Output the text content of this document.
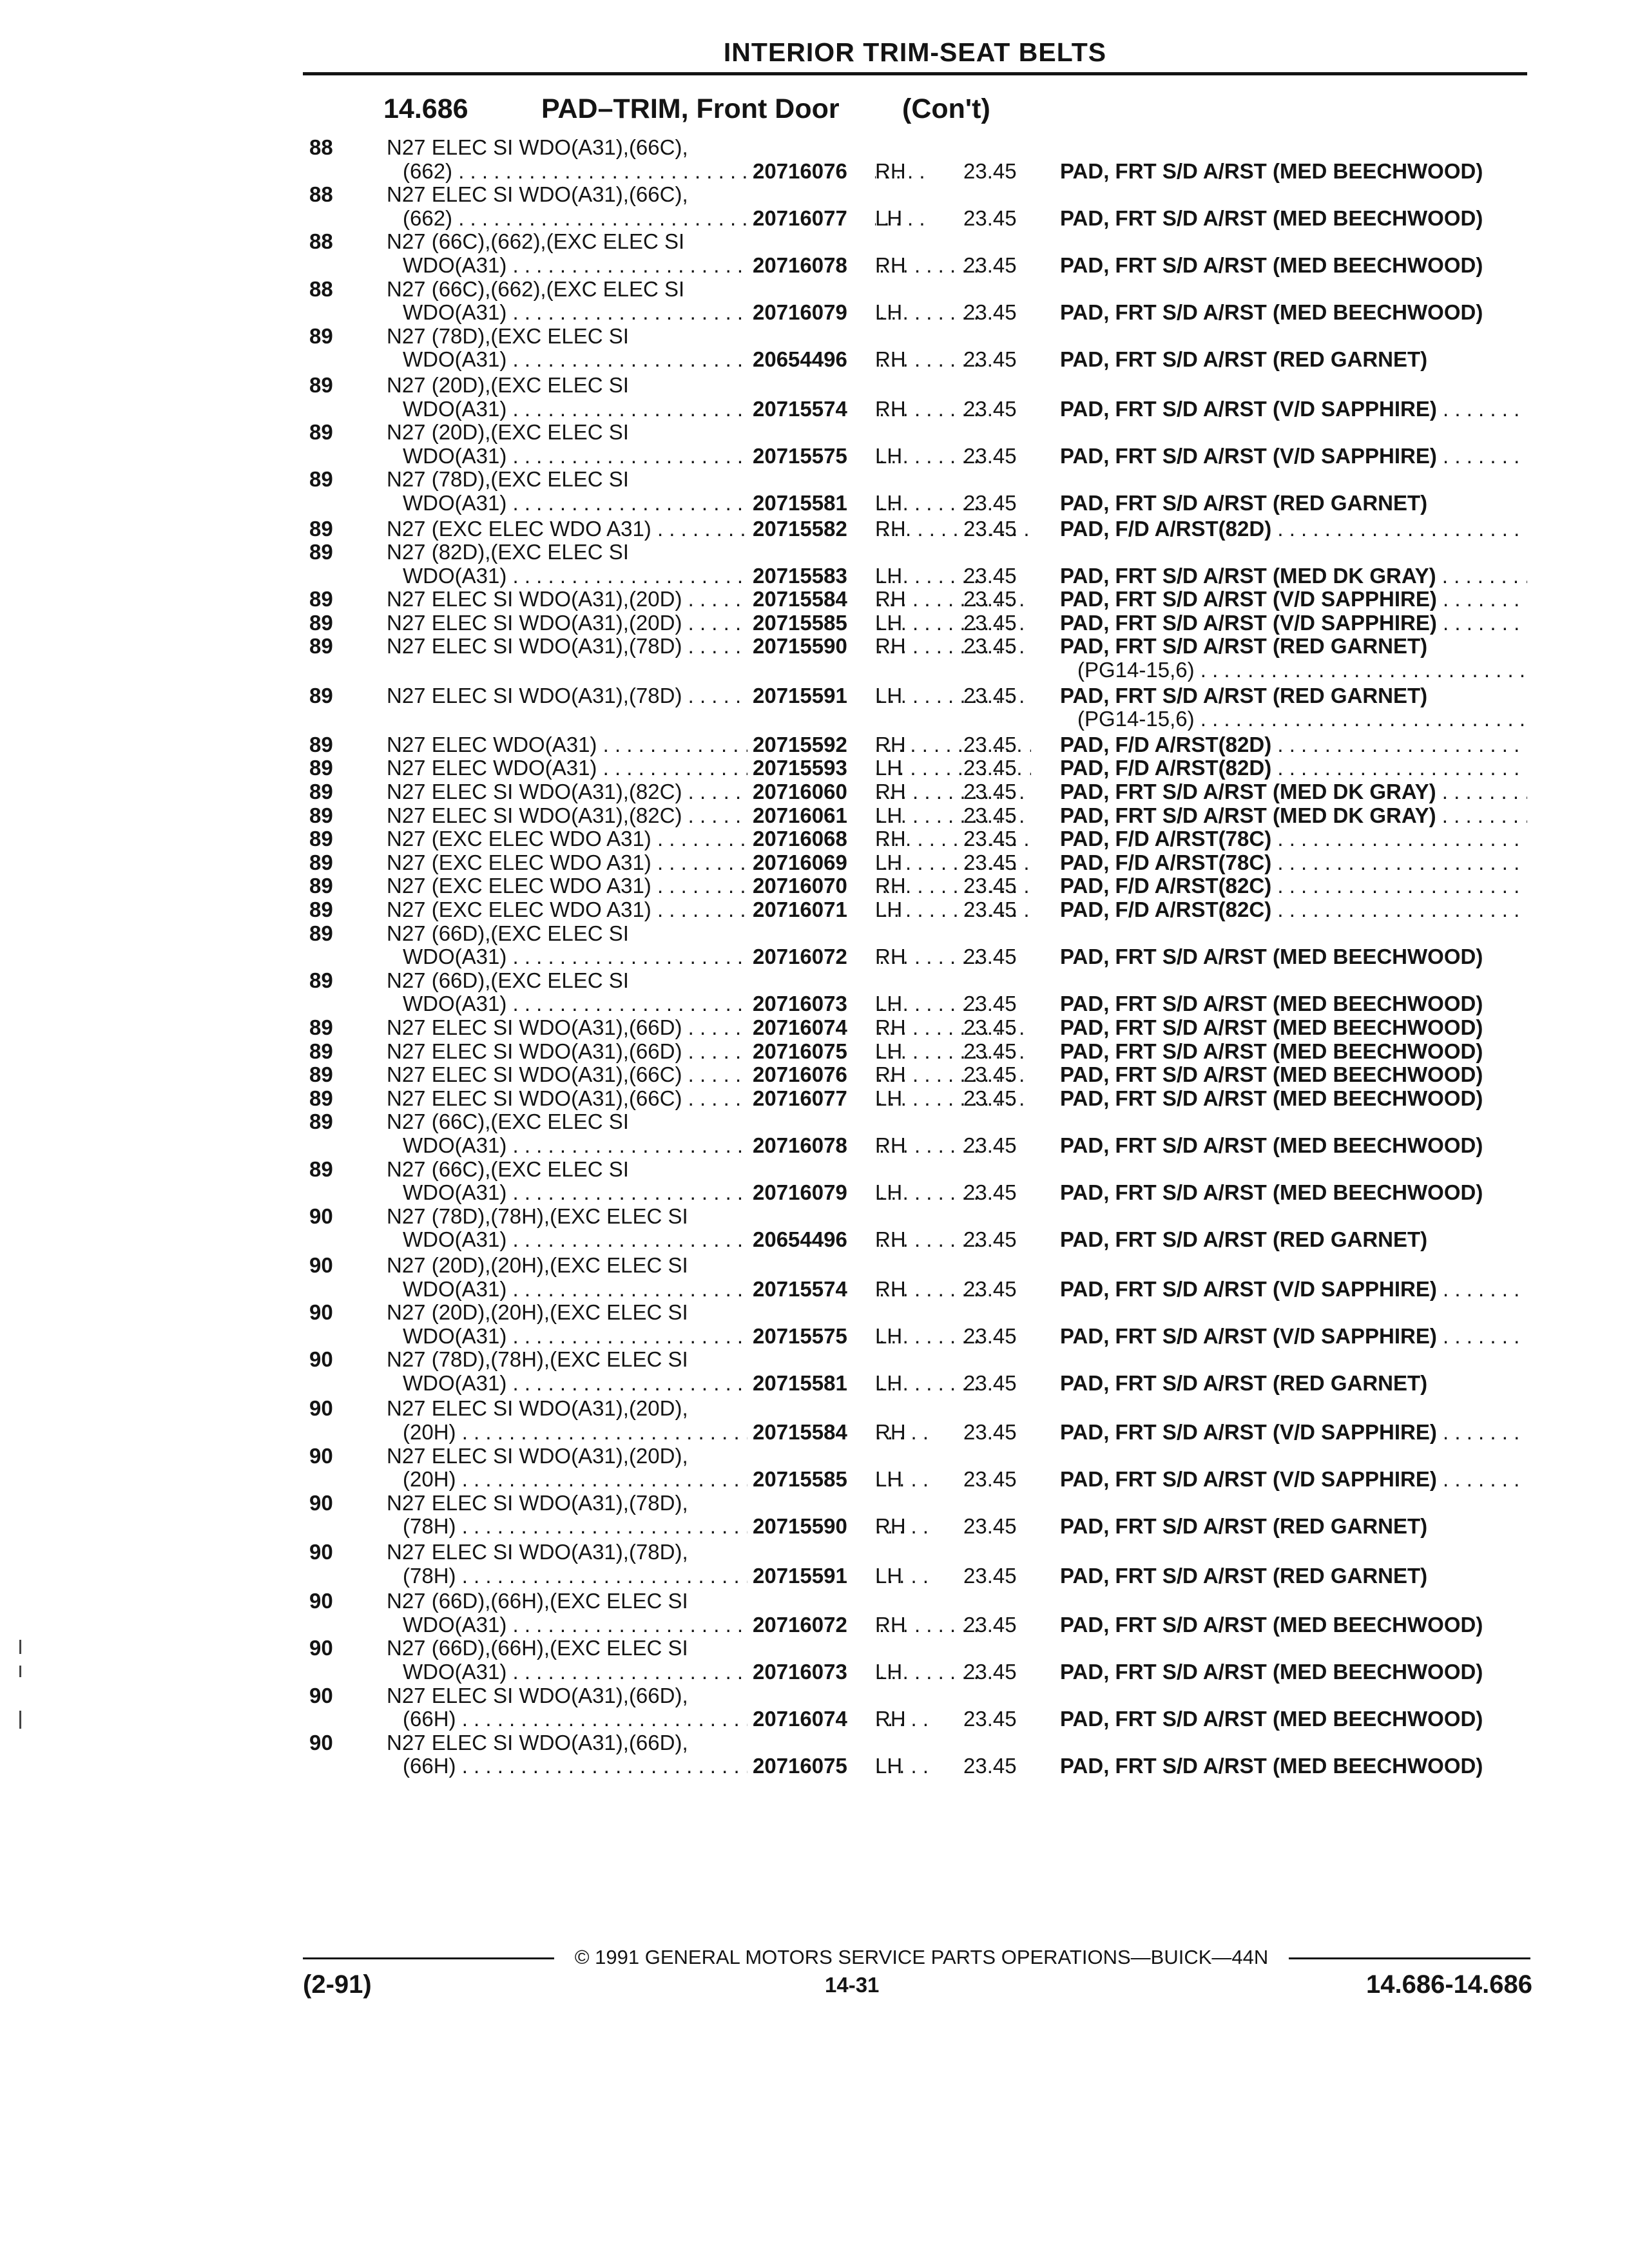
INTERIOR TRIM-SEAT BELTS
14.686	PAD–TRIM, Front Door	(Con't)
88	N27 ELEC SI WDO(A31),(66C),
(662) . . .	20716076	RH	23.45	PAD, FRT S/D A/RST (MED BEECHWOOD)
88	N27 ELEC SI WDO(A31),(66C),
(662) . . .	20716077	LH	23.45	PAD, FRT S/D A/RST (MED BEECHWOOD)
88	N27 (66C),(662),(EXC ELEC SI
WDO(A31) . . .	20716078	RH	23.45	PAD, FRT S/D A/RST (MED BEECHWOOD)
88	N27 (66C),(662),(EXC ELEC SI
WDO(A31) . . .	20716079	LH	23.45	PAD, FRT S/D A/RST (MED BEECHWOOD)
89	N27 (78D),(EXC ELEC SI
WDO(A31) . . .	20654496	RH	23.45	PAD, FRT S/D A/RST (RED GARNET)
89	N27 (20D),(EXC ELEC SI
WDO(A31) . . .	20715574	RH	23.45	PAD, FRT S/D A/RST (V/D SAPPHIRE) . . .
89	N27 (20D),(EXC ELEC SI
WDO(A31) . . .	20715575	LH	23.45	PAD, FRT S/D A/RST (V/D SAPPHIRE) . . .
89	N27 (78D),(EXC ELEC SI
WDO(A31) . . .	20715581	LH	23.45	PAD, FRT S/D A/RST (RED GARNET)
89	N27 (EXC ELEC WDO A31) . . .	20715582	RH	23.45	PAD, F/D A/RST(82D) . . .
89	N27 (82D),(EXC ELEC SI
WDO(A31) . . .	20715583	LH	23.45	PAD, FRT S/D A/RST (MED DK GRAY) . . .
89	N27 ELEC SI WDO(A31),(20D) . . .	20715584	RH	23.45	PAD, FRT S/D A/RST (V/D SAPPHIRE) . . .
89	N27 ELEC SI WDO(A31),(20D) . . .	20715585	LH	23.45	PAD, FRT S/D A/RST (V/D SAPPHIRE) . . .
89	N27 ELEC SI WDO(A31),(78D) . . .	20715590	RH	23.45	PAD, FRT S/D A/RST (RED GARNET)
(PG14-15,6) . . .
89	N27 ELEC SI WDO(A31),(78D) . . .	20715591	LH	23.45	PAD, FRT S/D A/RST (RED GARNET)
(PG14-15,6) . . .
89	N27 ELEC WDO(A31) . . .	20715592	RH	23.45	PAD, F/D A/RST(82D) . . .
89	N27 ELEC WDO(A31) . . .	20715593	LH	23.45	PAD, F/D A/RST(82D) . . .
89	N27 ELEC SI WDO(A31),(82C) . . .	20716060	RH	23.45	PAD, FRT S/D A/RST (MED DK GRAY) . . .
89	N27 ELEC SI WDO(A31),(82C) . . .	20716061	LH	23.45	PAD, FRT S/D A/RST (MED DK GRAY) . . .
89	N27 (EXC ELEC WDO A31) . . .	20716068	RH	23.45	PAD, F/D A/RST(78C) . . .
89	N27 (EXC ELEC WDO A31) . . .	20716069	LH	23.45	PAD, F/D A/RST(78C) . . .
89	N27 (EXC ELEC WDO A31) . . .	20716070	RH	23.45	PAD, F/D A/RST(82C) . . .
89	N27 (EXC ELEC WDO A31) . . .	20716071	LH	23.45	PAD, F/D A/RST(82C) . . .
89	N27 (66D),(EXC ELEC SI
WDO(A31) . . .	20716072	RH	23.45	PAD, FRT S/D A/RST (MED BEECHWOOD)
89	N27 (66D),(EXC ELEC SI
WDO(A31) . . .	20716073	LH	23.45	PAD, FRT S/D A/RST (MED BEECHWOOD)
89	N27 ELEC SI WDO(A31),(66D) . . .	20716074	RH	23.45	PAD, FRT S/D A/RST (MED BEECHWOOD)
89	N27 ELEC SI WDO(A31),(66D) . . .	20716075	LH	23.45	PAD, FRT S/D A/RST (MED BEECHWOOD)
89	N27 ELEC SI WDO(A31),(66C) . . .	20716076	RH	23.45	PAD, FRT S/D A/RST (MED BEECHWOOD)
89	N27 ELEC SI WDO(A31),(66C) . . .	20716077	LH	23.45	PAD, FRT S/D A/RST (MED BEECHWOOD)
89	N27 (66C),(EXC ELEC SI
WDO(A31) . . .	20716078	RH	23.45	PAD, FRT S/D A/RST (MED BEECHWOOD)
89	N27 (66C),(EXC ELEC SI
WDO(A31) . . .	20716079	LH	23.45	PAD, FRT S/D A/RST (MED BEECHWOOD)
90	N27 (78D),(78H),(EXC ELEC SI
WDO(A31) . . .	20654496	RH	23.45	PAD, FRT S/D A/RST (RED GARNET)
90	N27 (20D),(20H),(EXC ELEC SI
WDO(A31) . . .	20715574	RH	23.45	PAD, FRT S/D A/RST (V/D SAPPHIRE) . . .
90	N27 (20D),(20H),(EXC ELEC SI
WDO(A31) . . .	20715575	LH	23.45	PAD, FRT S/D A/RST (V/D SAPPHIRE) . . .
90	N27 (78D),(78H),(EXC ELEC SI
WDO(A31) . . .	20715581	LH	23.45	PAD, FRT S/D A/RST (RED GARNET)
90	N27 ELEC SI WDO(A31),(20D),
(20H) . . .	20715584	RH	23.45	PAD, FRT S/D A/RST (V/D SAPPHIRE) . . .
90	N27 ELEC SI WDO(A31),(20D),
(20H) . . .	20715585	LH	23.45	PAD, FRT S/D A/RST (V/D SAPPHIRE) . . .
90	N27 ELEC SI WDO(A31),(78D),
(78H) . . .	20715590	RH	23.45	PAD, FRT S/D A/RST (RED GARNET)
90	N27 ELEC SI WDO(A31),(78D),
(78H) . . .	20715591	LH	23.45	PAD, FRT S/D A/RST (RED GARNET)
90	N27 (66D),(66H),(EXC ELEC SI
WDO(A31) . . .	20716072	RH	23.45	PAD, FRT S/D A/RST (MED BEECHWOOD)
90	N27 (66D),(66H),(EXC ELEC SI
WDO(A31) . . .	20716073	LH	23.45	PAD, FRT S/D A/RST (MED BEECHWOOD)
90	N27 ELEC SI WDO(A31),(66D),
(66H) . . .	20716074	RH	23.45	PAD, FRT S/D A/RST (MED BEECHWOOD)
90	N27 ELEC SI WDO(A31),(66D),
(66H) . . .	20716075	LH	23.45	PAD, FRT S/D A/RST (MED BEECHWOOD)
© 1991 GENERAL MOTORS SERVICE PARTS OPERATIONS—BUICK—44N
(2-91)	14-31	14.686-14.686
